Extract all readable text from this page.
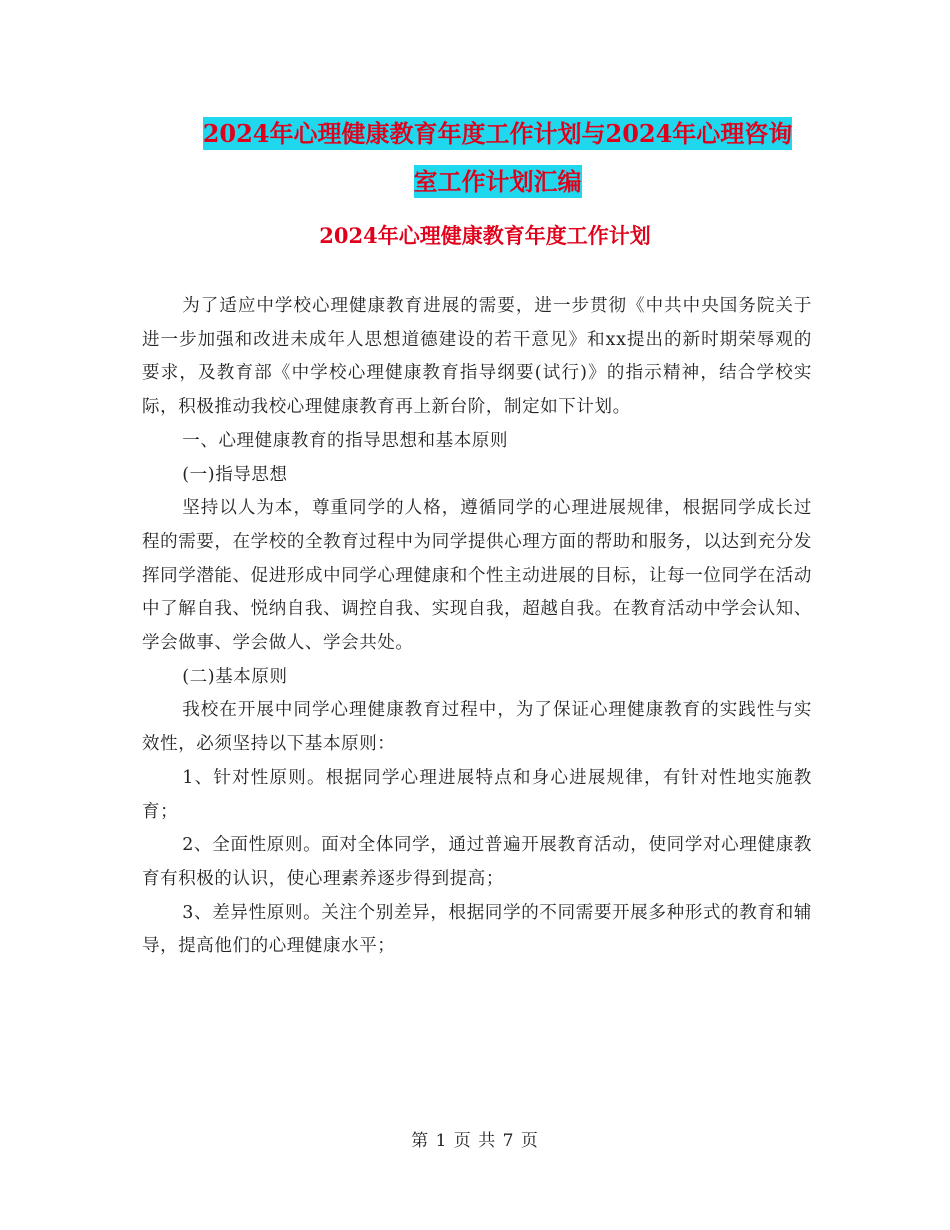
2024年心理健康教育年度工作计划与2024年心理咨询
室工作计划汇编
2024年心理健康教育年度工作计划

为了适应中学校心理健康教育进展的需要，进一步贯彻《中共中央国务院关于进一步加强和改进未成年人思想道德建设的若干意见》和xx提出的新时期荣辱观的要求，及教育部《中学校心理健康教育指导纲要(试行)》的指示精神，结合学校实际，积极推动我校心理健康教育再上新台阶，制定如下计划。

一、心理健康教育的指导思想和基本原则

(一)指导思想

坚持以人为本，尊重同学的人格，遵循同学的心理进展规律，根据同学成长过程的需要，在学校的全教育过程中为同学提供心理方面的帮助和服务，以达到充分发挥同学潜能、促进形成中同学心理健康和个性主动进展的目标，让每一位同学在活动中了解自我、悦纳自我、调控自我、实现自我，超越自我。在教育活动中学会认知、学会做事、学会做人、学会共处。

(二)基本原则

我校在开展中同学心理健康教育过程中，为了保证心理健康教育的实践性与实效性，必须坚持以下基本原则：

1、针对性原则。根据同学心理进展特点和身心进展规律，有针对性地实施教育；

2、全面性原则。面对全体同学，通过普遍开展教育活动，使同学对心理健康教育有积极的认识，使心理素养逐步得到提高；

3、差异性原则。关注个别差异，根据同学的不同需要开展多种形式的教育和辅导，提高他们的心理健康水平；

第 1 页 共 7 页
